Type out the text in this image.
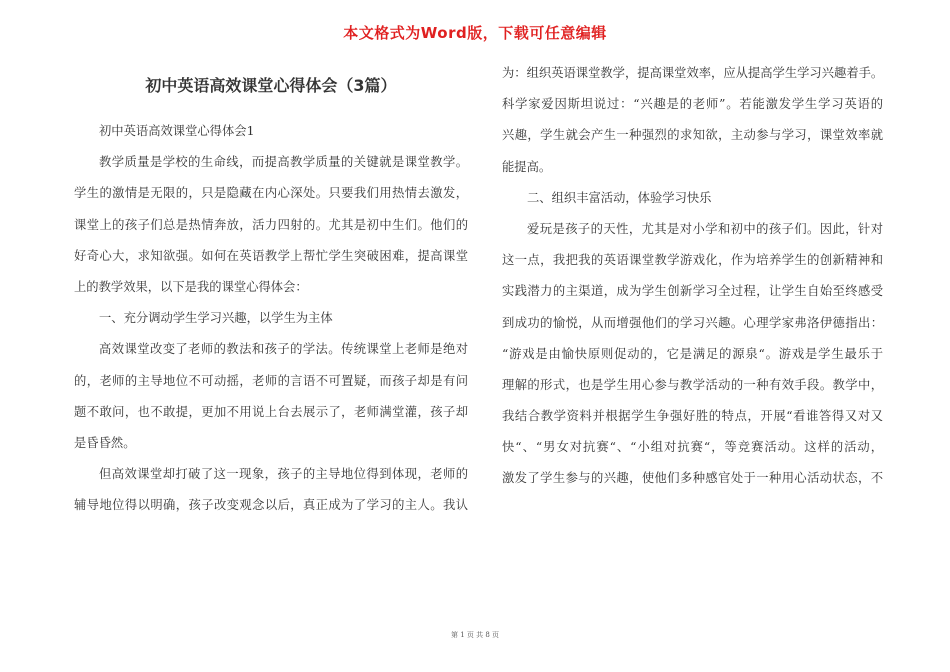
本文格式为Word版，下载可任意编辑
初中英语高效课堂心得体会（3篇）
初中英语高效课堂心得体会1
教学质量是学校的生命线，而提高教学质量的关键就是课堂教学。
学生的激情是无限的，只是隐藏在内心深处。只要我们用热情去激发，
课堂上的孩子们总是热情奔放，活力四射的。尤其是初中生们。他们的
好奇心大，求知欲强。如何在英语教学上帮忙学生突破困难，提高课堂
上的教学效果，以下是我的课堂心得体会：
一、充分调动学生学习兴趣，以学生为主体
高效课堂改变了老师的教法和孩子的学法。传统课堂上老师是绝对
的，老师的主导地位不可动摇，老师的言语不可置疑，而孩子却是有问
题不敢问，也不敢提，更加不用说上台去展示了，老师满堂灌，孩子却
是昏昏然。
但高效课堂却打破了这一现象，孩子的主导地位得到体现，老师的
辅导地位得以明确，孩子改变观念以后，真正成为了学习的主人。我认
为：组织英语课堂教学，提高课堂效率，应从提高学生学习兴趣着手。
科学家爱因斯坦说过：“兴趣是的老师”。若能激发学生学习英语的
兴趣，学生就会产生一种强烈的求知欲，主动参与学习，课堂效率就
能提高。
二、组织丰富活动，体验学习快乐
爱玩是孩子的天性，尤其是对小学和初中的孩子们。因此，针对
这一点，我把我的英语课堂教学游戏化，作为培养学生的创新精神和
实践潜力的主渠道，成为学生创新学习全过程，让学生自始至终感受
到成功的愉悦，从而增强他们的学习兴趣。心理学家弗洛伊德指出：
“游戏是由愉快原则促动的，它是满足的源泉“。游戏是学生最乐于
理解的形式，也是学生用心参与教学活动的一种有效手段。教学中，
我结合教学资料并根据学生争强好胜的特点，开展“看谁答得又对又
快“、“男女对抗赛“、“小组对抗赛“，等竞赛活动。这样的活动，
激发了学生参与的兴趣，使他们多种感官处于一种用心活动状态，不
第 1 页 共 8 页
